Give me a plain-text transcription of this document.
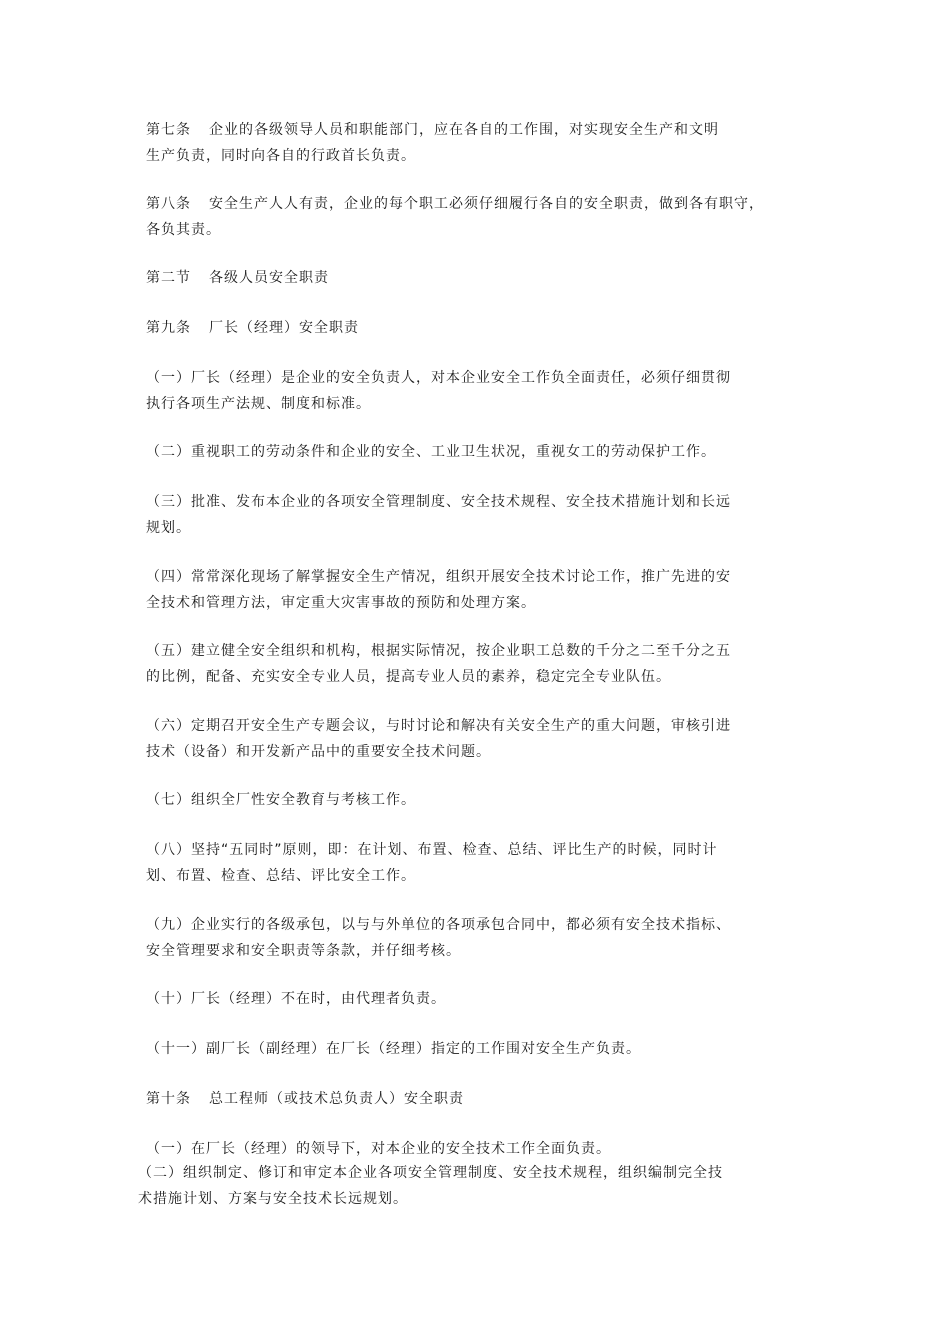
第七条 企业的各级领导人员和职能部门，应在各自的工作围，对实现安全生产和文明
生产负责，同时向各自的行政首长负责。
第八条 安全生产人人有责，企业的每个职工必须仔细履行各自的安全职责，做到各有职守，
各负其责。
第二节 各级人员安全职责
第九条 厂长（经理）安全职责
（一）厂长（经理）是企业的安全负责人，对本企业安全工作负全面责任，必须仔细贯彻
执行各项生产法规、制度和标准。
（二）重视职工的劳动条件和企业的安全、工业卫生状况，重视女工的劳动保护工作。
（三）批准、发布本企业的各项安全管理制度、安全技术规程、安全技术措施计划和长远
规划。
（四）常常深化现场了解掌握安全生产情况，组织开展安全技术讨论工作，推广先进的安
全技术和管理方法，审定重大灾害事故的预防和处理方案。
（五）建立健全安全组织和机构，根据实际情况，按企业职工总数的千分之二至千分之五
的比例，配备、充实安全专业人员，提高专业人员的素养，稳定完全专业队伍。
（六）定期召开安全生产专题会议，与时讨论和解决有关安全生产的重大问题，审核引进
技术（设备）和开发新产品中的重要安全技术问题。
（七）组织全厂性安全教育与考核工作。
（八）坚持“五同时”原则，即：在计划、布置、检查、总结、评比生产的时候，同时计
划、布置、检查、总结、评比安全工作。
（九）企业实行的各级承包，以与与外单位的各项承包合同中，都必须有安全技术指标、
安全管理要求和安全职责等条款，并仔细考核。
（十）厂长（经理）不在时，由代理者负责。
（十一）副厂长（副经理）在厂长（经理）指定的工作围对安全生产负责。
第十条 总工程师（或技术总负责人）安全职责
（一）在厂长（经理）的领导下，对本企业的安全技术工作全面负责。
（二）组织制定、修订和审定本企业各项安全管理制度、安全技术规程，组织编制完全技
术措施计划、方案与安全技术长远规划。
